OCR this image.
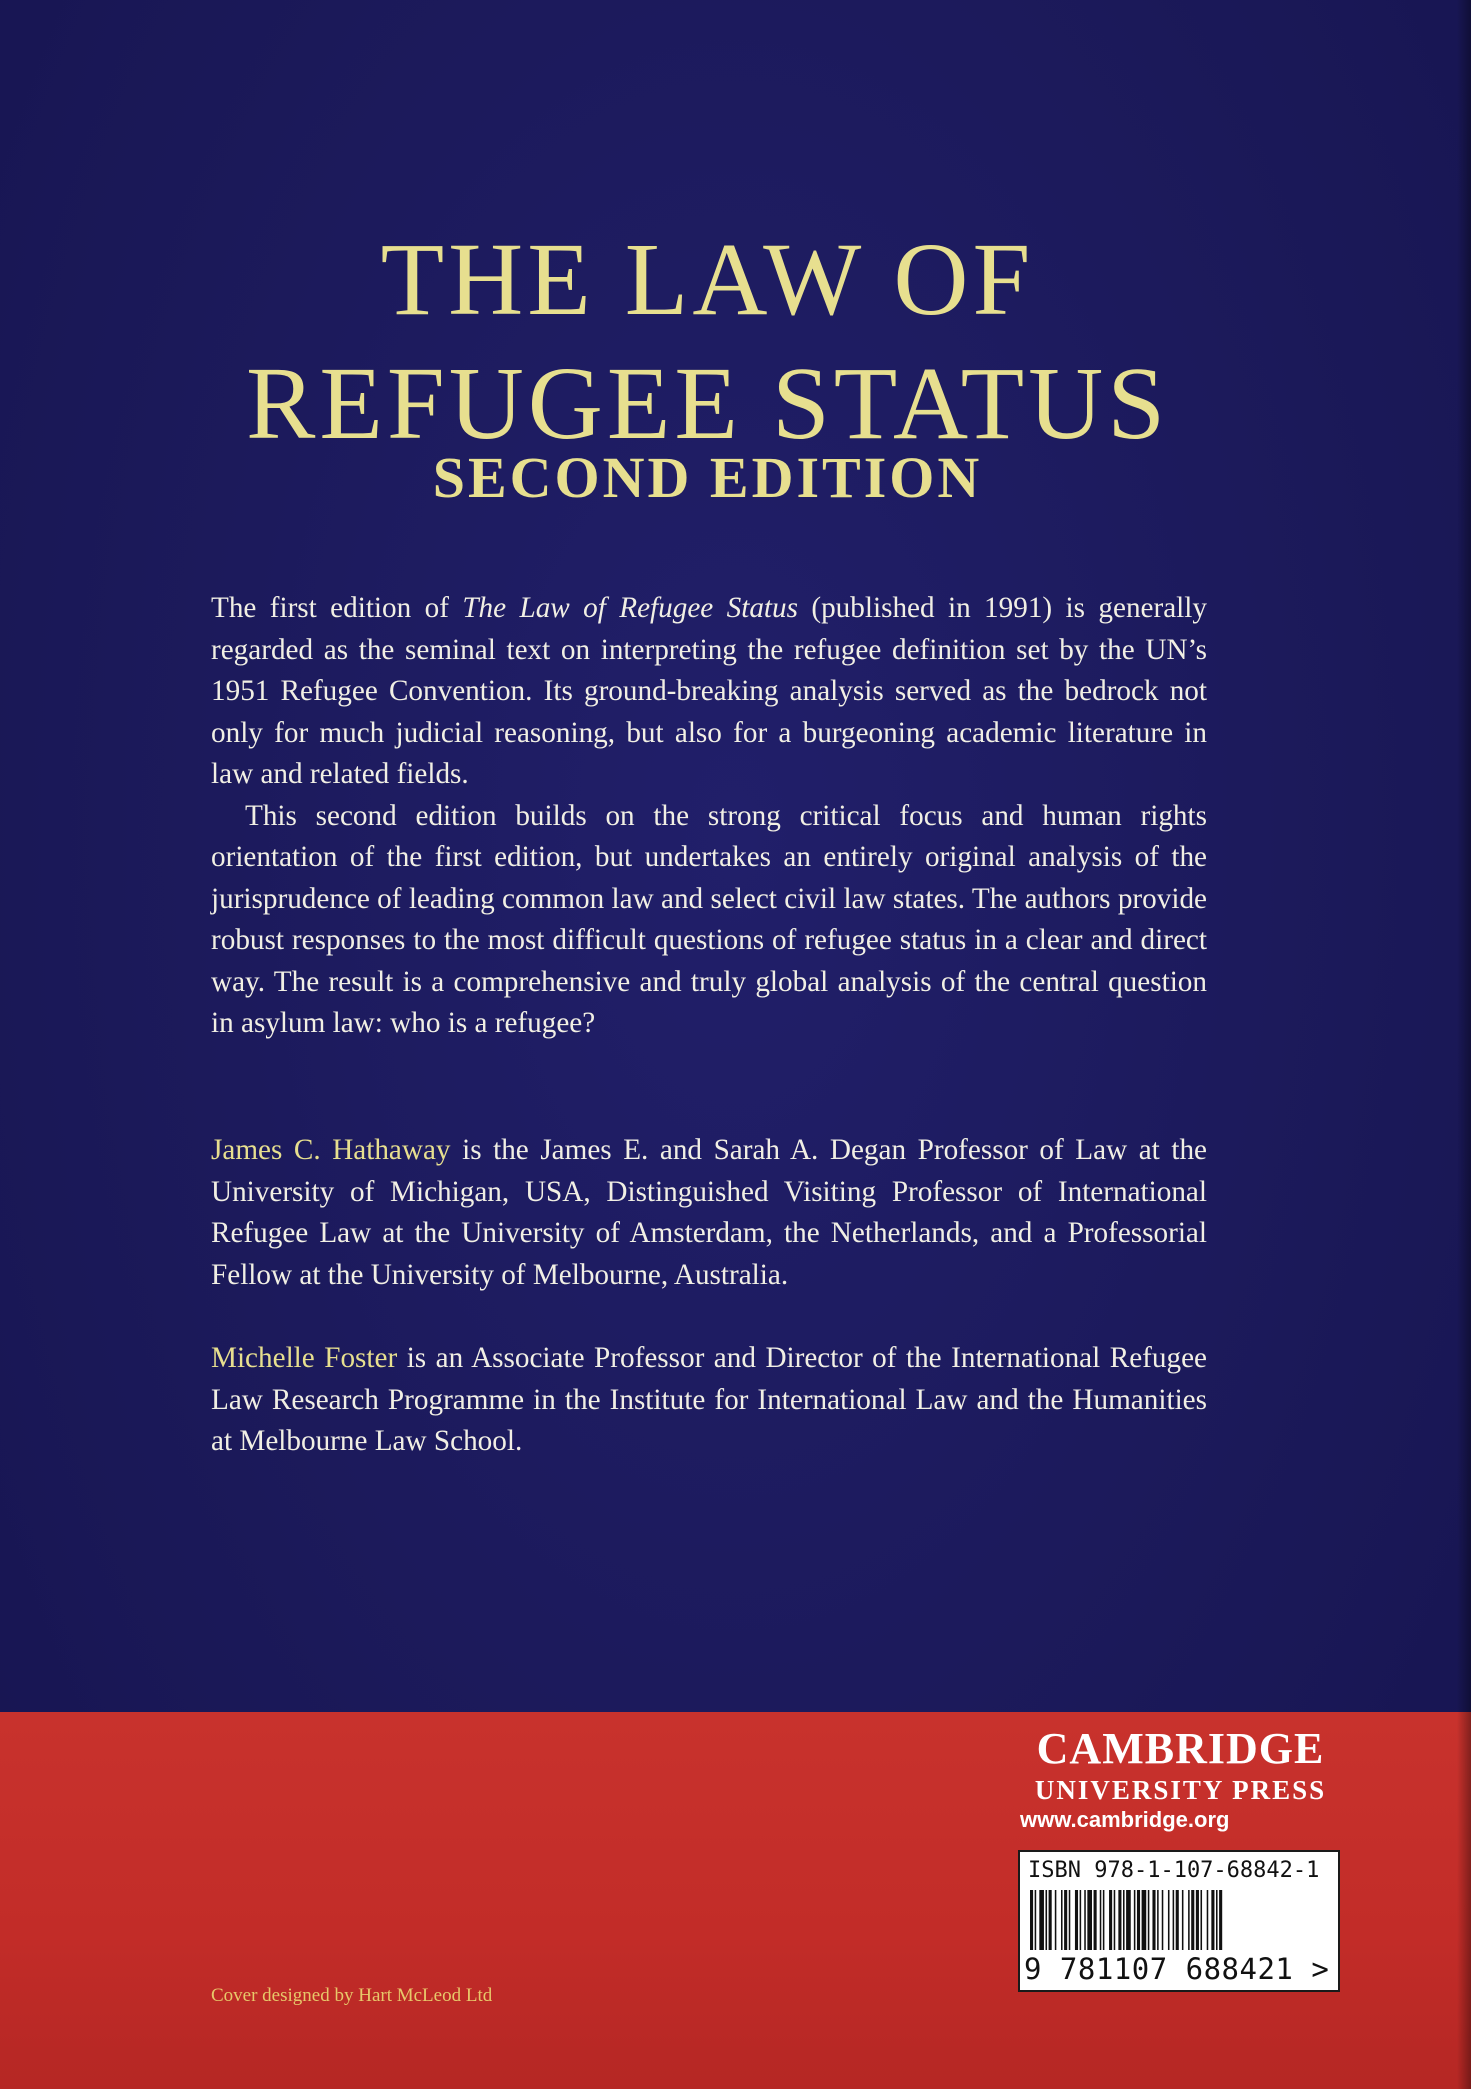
THE LAW OF
REFUGEE STATUS
SECOND EDITION

The first edition of The Law of Refugee Status (published in 1991) is generally regarded as the seminal text on interpreting the refugee definition set by the UN’s 1951 Refugee Convention. Its ground-breaking analysis served as the bedrock not only for much judicial reasoning, but also for a burgeoning academic literature in law and related fields.

This second edition builds on the strong critical focus and human rights orientation of the first edition, but undertakes an entirely original analysis of the jurisprudence of leading common law and select civil law states. The authors provide robust responses to the most difficult questions of refugee status in a clear and direct way. The result is a comprehensive and truly global analysis of the central question in asylum law: who is a refugee?

James C. Hathaway is the James E. and Sarah A. Degan Professor of Law at the University of Michigan, USA, Distinguished Visiting Professor of International Refugee Law at the University of Amsterdam, the Netherlands, and a Professorial Fellow at the University of Melbourne, Australia.

Michelle Foster is an Associate Professor and Director of the International Refugee Law Research Programme in the Institute for International Law and the Humanities at Melbourne Law School.

CAMBRIDGE
UNIVERSITY PRESS
www.cambridge.org
ISBN 978-1-107-68842-1
9 781107 688421 >
Cover designed by Hart McLeod Ltd
